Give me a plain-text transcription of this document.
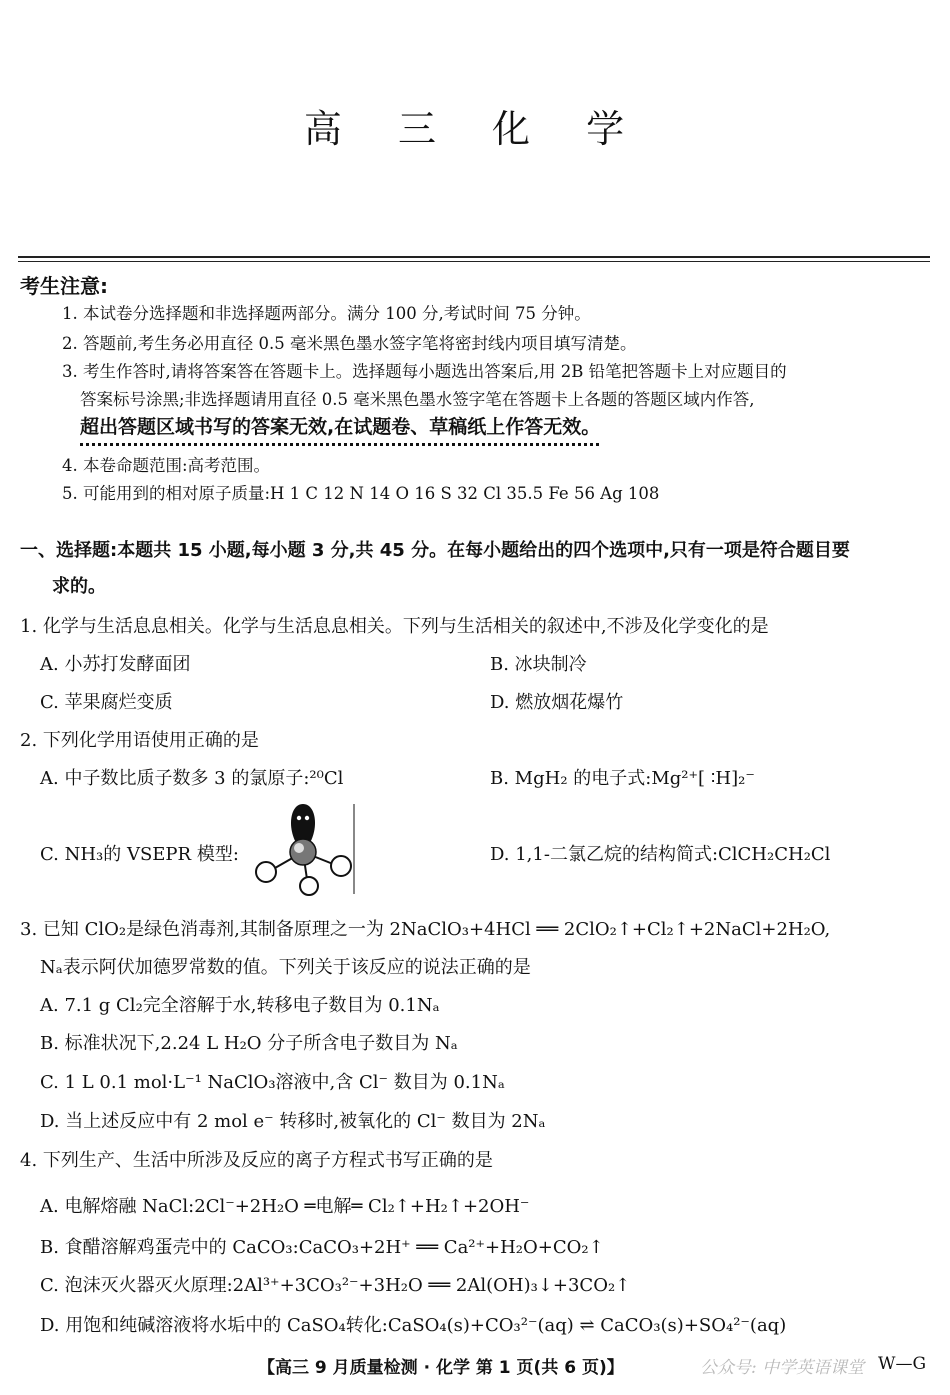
高 三 化 学
考生注意:
1. 本试卷分选择题和非选择题两部分。满分 100 分,考试时间 75 分钟。
2. 答题前,考生务必用直径 0.5 毫米黑色墨水签字笔将密封线内项目填写清楚。
3. 考生作答时,请将答案答在答题卡上。选择题每小题选出答案后,用 2B 铅笔把答题卡上对应题目的
答案标号涂黑;非选择题请用直径 0.5 毫米黑色墨水签字笔在答题卡上各题的答题区域内作答,
超出答题区域书写的答案无效,在试题卷、草稿纸上作答无效。
4. 本卷命题范围:高考范围。
5. 可能用到的相对原子质量:H 1 C 12 N 14 O 16 S 32 Cl 35.5 Fe 56 Ag 108
一、选择题:本题共 15 小题,每小题 3 分,共 45 分。在每小题给出的四个选项中,只有一项是符合题目要
求的。
1. 化学与生活息息相关。化学与生活息息相关。下列与生活相关的叙述中,不涉及化学变化的是
A. 小苏打发酵面团	B. 冰块制冷
C. 苹果腐烂变质	D. 燃放烟花爆竹
2. 下列化学用语使用正确的是
A. 中子数比质子数多 3 的氯原子:²⁰Cl	B. MgH₂ 的电子式:Mg²⁺[ ∶H]₂⁻
C. NH₃的 VSEPR 模型:	D. 1,1-二氯乙烷的结构简式:ClCH₂CH₂Cl
3. 已知 ClO₂是绿色消毒剂,其制备原理之一为 2NaClO₃+4HCl ══ 2ClO₂↑+Cl₂↑+2NaCl+2H₂O,
Nₐ表示阿伏加德罗常数的值。下列关于该反应的说法正确的是
A. 7.1 g Cl₂完全溶解于水,转移电子数目为 0.1Nₐ
B. 标准状况下,2.24 L H₂O 分子所含电子数目为 Nₐ
C. 1 L 0.1 mol·L⁻¹ NaClO₃溶液中,含 Cl⁻ 数目为 0.1Nₐ
D. 当上述反应中有 2 mol e⁻ 转移时,被氧化的 Cl⁻ 数目为 2Nₐ
4. 下列生产、生活中所涉及反应的离子方程式书写正确的是
A. 电解熔融 NaCl:2Cl⁻+2H₂O ═电解═ Cl₂↑+H₂↑+2OH⁻
B. 食醋溶解鸡蛋壳中的 CaCO₃:CaCO₃+2H⁺ ══ Ca²⁺+H₂O+CO₂↑
C. 泡沫灭火器灭火原理:2Al³⁺+3CO₃²⁻+3H₂O ══ 2Al(OH)₃↓+3CO₂↑
D. 用饱和纯碱溶液将水垢中的 CaSO₄转化:CaSO₄(s)+CO₃²⁻(aq) ⇌ CaCO₃(s)+SO₄²⁻(aq)
【高三 9 月质量检测 · 化学 第 1 页(共 6 页)】	公众号: 中学英语课堂 W—G
